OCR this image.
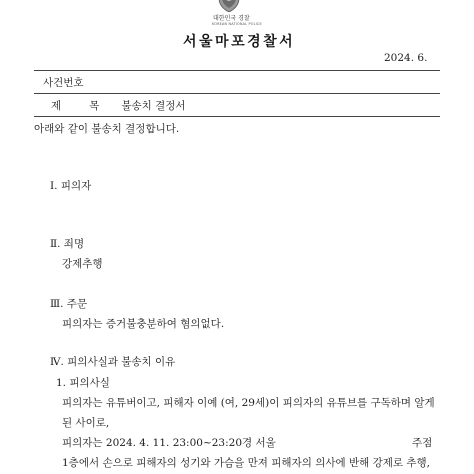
대한민국 경찰
KOREAN NATIONAL POLICE
서울마포경찰서
2024. 6.
사건번호
제	목 불송치 결정서
아래와 같이 불송치 결정합니다.
Ⅰ. 피의자
Ⅱ. 죄명
강제추행
Ⅲ. 주문
피의자는 증거불충분하여 혐의없다.
Ⅳ. 피의사실과 불송치 이유
1. 피의사실
피의자는 유튜버이고, 피해자 이예 (여, 29세)이 피의자의 유튜브를 구독하며 알게
된 사이로,
피의자는 2024. 4. 11. 23:00~23:20경 서울	주점
1층에서 손으로 피해자의 성기와 가슴을 만져 피해자의 의사에 반해 강제로 추행,
